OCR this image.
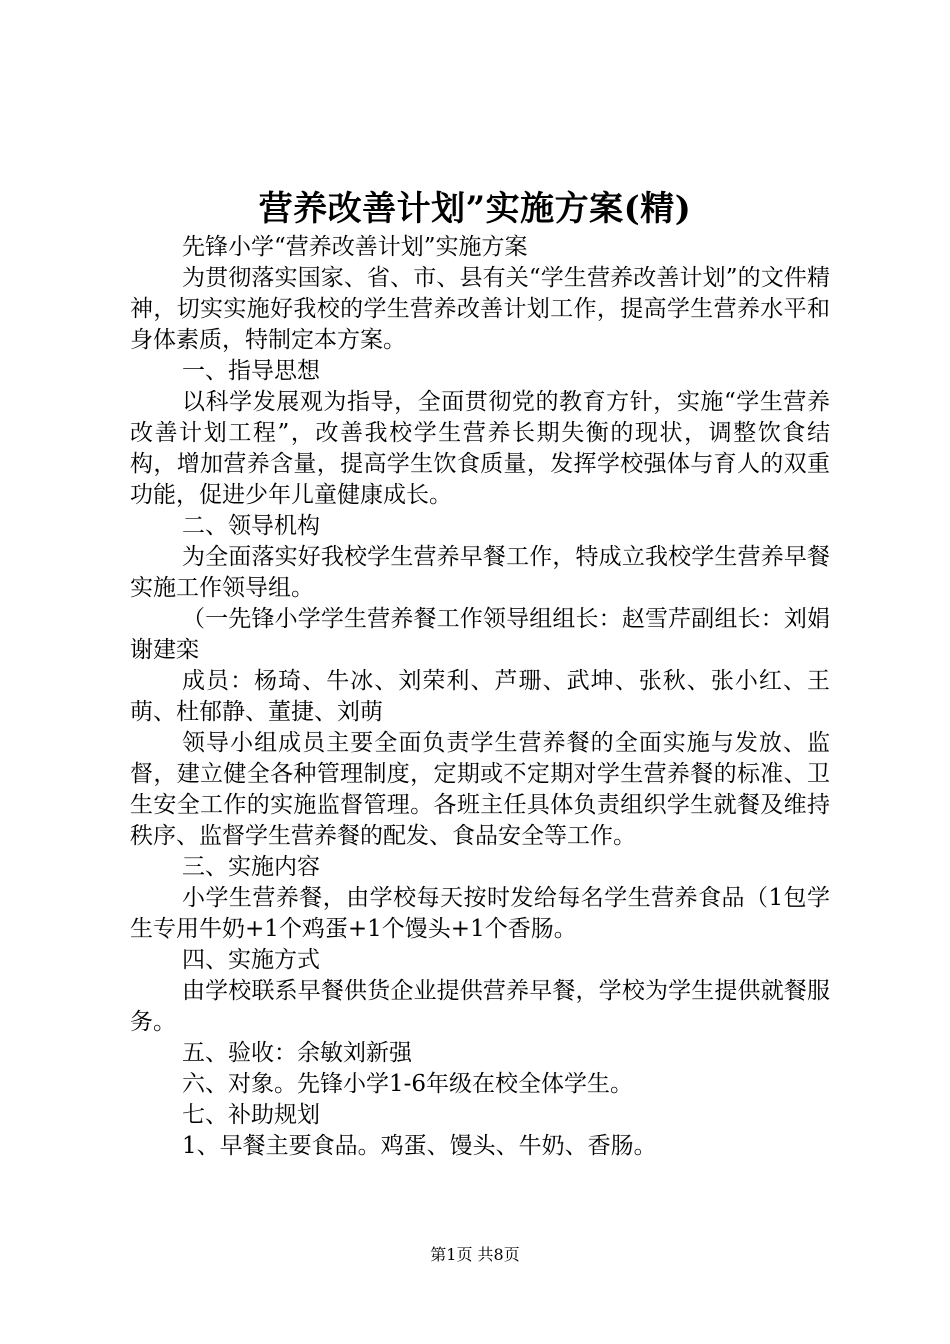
营养改善计划”实施方案(精)

先锋小学“营养改善计划”实施方案

为贯彻落实国家、省、市、县有关“学生营养改善计划”的文件精神，切实实施好我校的学生营养改善计划工作，提高学生营养水平和身体素质，特制定本方案。

一、指导思想

以科学发展观为指导，全面贯彻党的教育方针，实施“学生营养改善计划工程”，改善我校学生营养长期失衡的现状，调整饮食结构，增加营养含量，提高学生饮食质量，发挥学校强体与育人的双重功能，促进少年儿童健康成长。

二、领导机构

为全面落实好我校学生营养早餐工作，特成立我校学生营养早餐实施工作领导组。

（一先锋小学学生营养餐工作领导组组长：赵雪芹副组长：刘娟谢建栾

成员：杨琦、牛冰、刘荣利、芦珊、武坤、张秋、张小红、王萌、杜郁静、董捷、刘萌

领导小组成员主要全面负责学生营养餐的全面实施与发放、监督，建立健全各种管理制度，定期或不定期对学生营养餐的标准、卫生安全工作的实施监督管理。各班主任具体负责组织学生就餐及维持秩序、监督学生营养餐的配发、食品安全等工作。

三、实施内容

小学生营养餐，由学校每天按时发给每名学生营养食品（1包学生专用牛奶+1个鸡蛋+1个馒头+1个香肠。

四、实施方式

由学校联系早餐供货企业提供营养早餐，学校为学生提供就餐服务。

五、验收：余敏刘新强

六、对象。先锋小学1-6年级在校全体学生。

七、补助规划

1、早餐主要食品。鸡蛋、馒头、牛奶、香肠。

第1页 共8页
